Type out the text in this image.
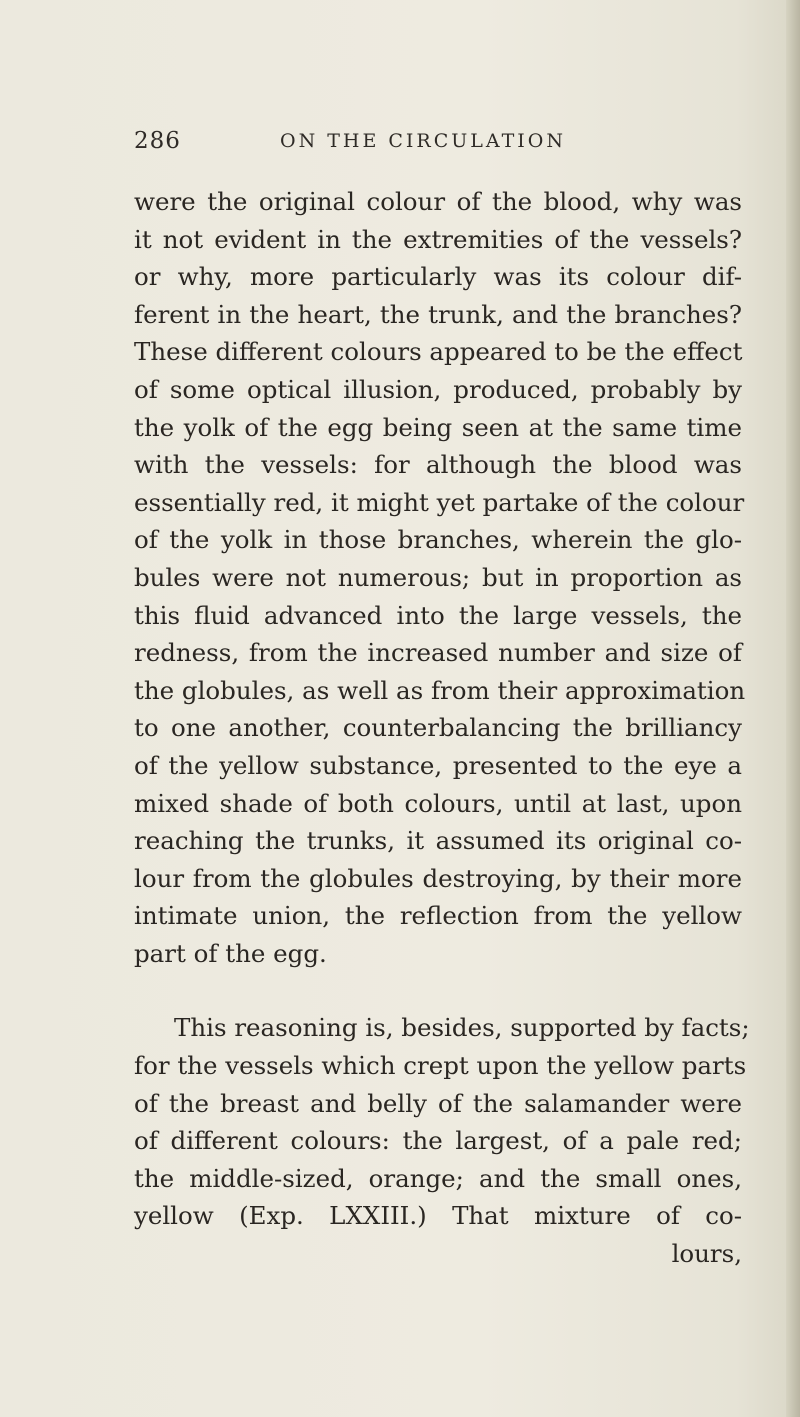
286	ON THE CIRCULATION
were the original colour of the blood, why was
it not evident in the extremities of the vessels?
or why, more particularly was its colour dif-
ferent in the heart, the trunk, and the branches?
These different colours appeared to be the effect
of some optical illusion, produced, probably by
the yolk of the egg being seen at the same time
with the vessels: for although the blood was
essentially red, it might yet partake of the colour
of the yolk in those branches, wherein the glo-
bules were not numerous; but in proportion as
this fluid advanced into the large vessels, the
redness, from the increased number and size of
the globules, as well as from their approximation
to one another, counterbalancing the brilliancy
of the yellow substance, presented to the eye a
mixed shade of both colours, until at last, upon
reaching the trunks, it assumed its original co-
lour from the globules destroying, by their more
intimate union, the reflection from the yellow
part of the egg.
This reasoning is, besides, supported by facts;
for the vessels which crept upon the yellow parts
of the breast and belly of the salamander were
of different colours: the largest, of a pale red;
the middle-sized, orange; and the small ones,
yellow (Exp. LXXIII.) That mixture of co-
lours,
